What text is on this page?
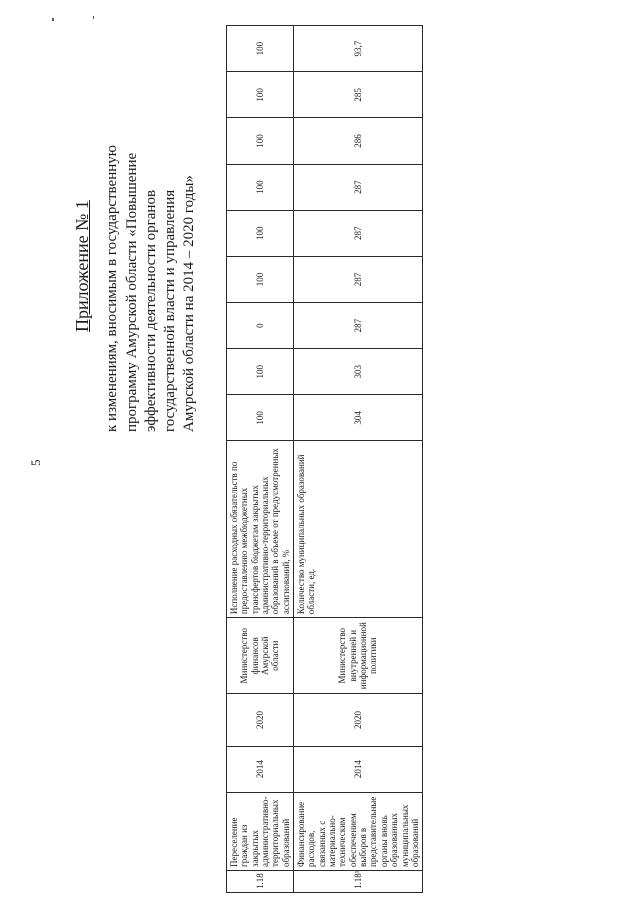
5
Приложение № 1 к изменениям, вносимым в государственную программу Амурской области «Повышение эффективности деятельности органов государственной власти и управления Амурской области на 2014 – 2020 годы»
1.18	Переселение граждан из закрытых административно-территориальных образований	2014	2020	Министерство финансов Амурской области	Исполнение расходных обязательств по предоставлению межбюджетных трансфертов бюджетам закрытых административно-территориальных образований в объеме от предусмотренных ассигнований, %	100	100	0	100	100	100	100	100	100
1.18¹	Финансирование расходов, связанных с материально-техническим обеспечением выборов в представительные органы вновь образованных муниципальных образований	2014	2020	Министерство внутренней и информационной политики	Количество муниципальных образований области, ед.	304	303	287	287	287	287	286	285	93,7
